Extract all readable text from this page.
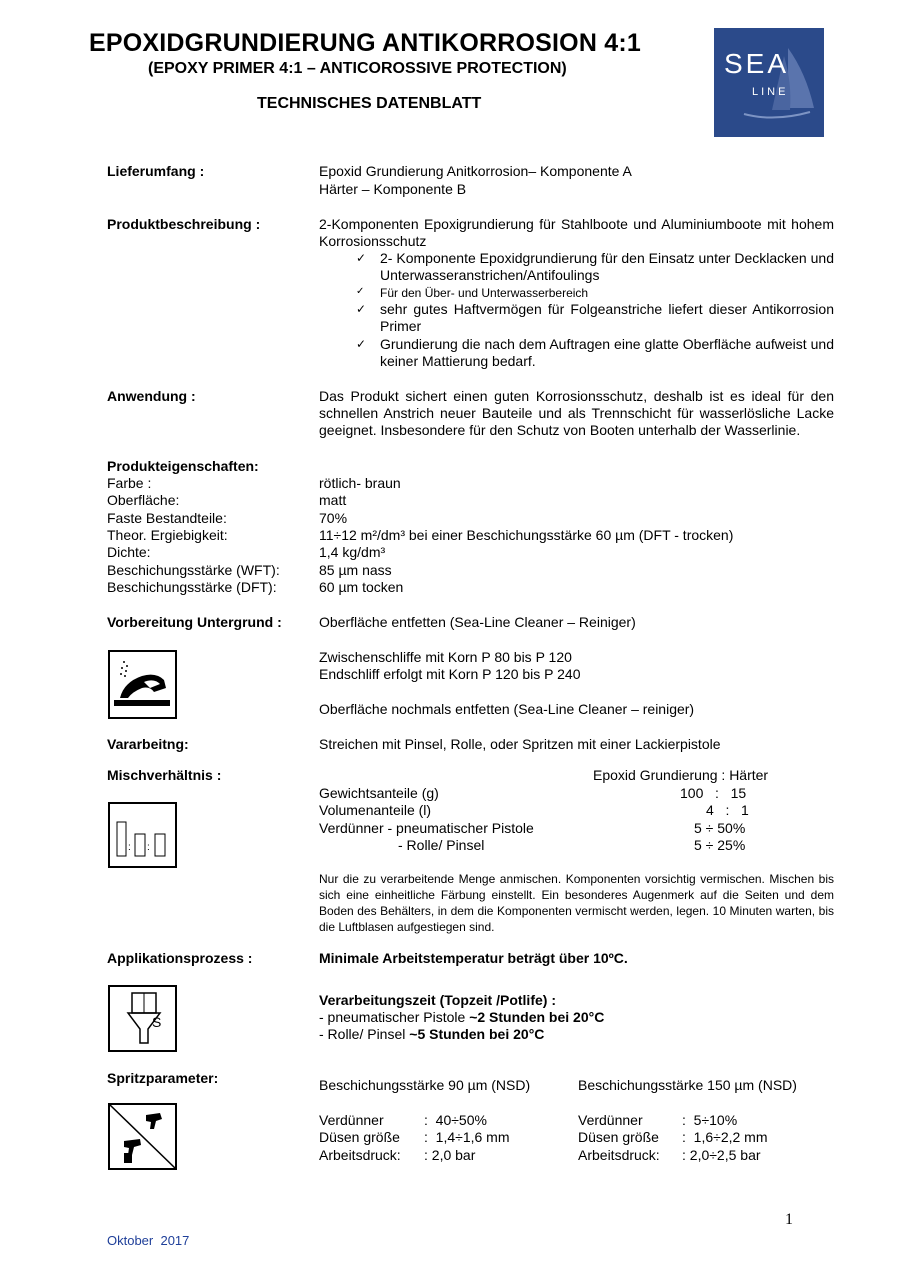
EPOXIDGRUNDIERUNG ANTIKORROSION 4:1
(EPOXY PRIMER 4:1 – ANTICOROSSIVE PROTECTION)
TECHNISCHES DATENBLATT
SEA
LINE
Lieferumfang :	Epoxid Grundierung Anitkorrosion– Komponente A
Härter – Komponente B
Produktbeschreibung :	2-Komponenten Epoxigrundierung für Stahlboote und Aluminiumboote mit hohem Korrosionsschutz
✓ 2- Komponente Epoxidgrundierung für den Einsatz unter Decklacken und Unterwasseranstrichen/Antifoulings
✓ Für den Über- und Unterwasserbereich
✓ sehr gutes Haftvermögen für Folgeanstriche liefert dieser Antikorrosion Primer
✓ Grundierung die nach dem Auftragen eine glatte Oberfläche aufweist und keiner Mattierung bedarf.
Anwendung :	Das Produkt sichert einen guten Korrosionsschutz, deshalb ist es ideal für den schnellen Anstrich neuer Bauteile und als Trennschicht für wasserlösliche Lacke geeignet. Insbesondere für den Schutz von Booten unterhalb der Wasserlinie.
Produkteigenschaften:
Farbe :	rötlich- braun
Oberfläche:	matt
Faste Bestandteile:	70%
Theor. Ergiebigkeit:	11÷12 m²/dm³ bei einer Beschichungsstärke 60 µm (DFT - trocken)
Dichte:	1,4 kg/dm³
Beschichungsstärke (WFT):	85 µm nass
Beschichungsstärke (DFT):	60 µm tocken
Vorbereitung Untergrund :	Oberfläche entfetten (Sea-Line Cleaner – Reiniger)
Zwischenschliffe mit Korn P 80 bis P 120
Endschliff erfolgt mit Korn P 120 bis P 240
Oberfläche nochmals entfetten (Sea-Line Cleaner – reiniger)
Vararbeitng:	Streichen mit Pinsel, Rolle, oder Spritzen mit einer Lackierpistole
Mischverhältnis :	Epoxid Grundierung : Härter
: :
Gewichtsanteile (g)	100   :   15
Volumenanteile (l)	4   :   1
Verdünner - pneumatischer Pistole	5 ÷ 50%
- Rolle/ Pinsel	5 ÷ 25%
Nur die zu verarbeitende Menge anmischen. Komponenten vorsichtig vermischen. Mischen bis sich eine einheitliche Färbung einstellt. Ein besonderes Augenmerk auf die Seiten und dem Boden des Behälters, in dem die Komponenten vermischt werden, legen. 10 Minuten warten, bis die Luftblasen aufgestiegen sind.
Applikationsprozess :	Minimale Arbeitstemperatur beträgt über 10ºC.
S
Verarbeitungszeit (Topzeit /Potlife) :
- pneumatischer Pistole ~2 Stunden bei 20°C
- Rolle/ Pinsel ~5 Stunden bei 20°C
Spritzparameter:	Beschichungsstärke 90 µm (NSD)	Beschichungsstärke 150 µm (NSD)
Verdünner	:  40÷50%
Düsen größe :  1,4÷1,6 mm
Arbeitsdruck: : 2,0 bar
Verdünner	:  5÷10%
Düsen größe :  1,6÷2,2 mm
Arbeitsdruck: : 2,0÷2,5 bar
1
Oktober  2017
